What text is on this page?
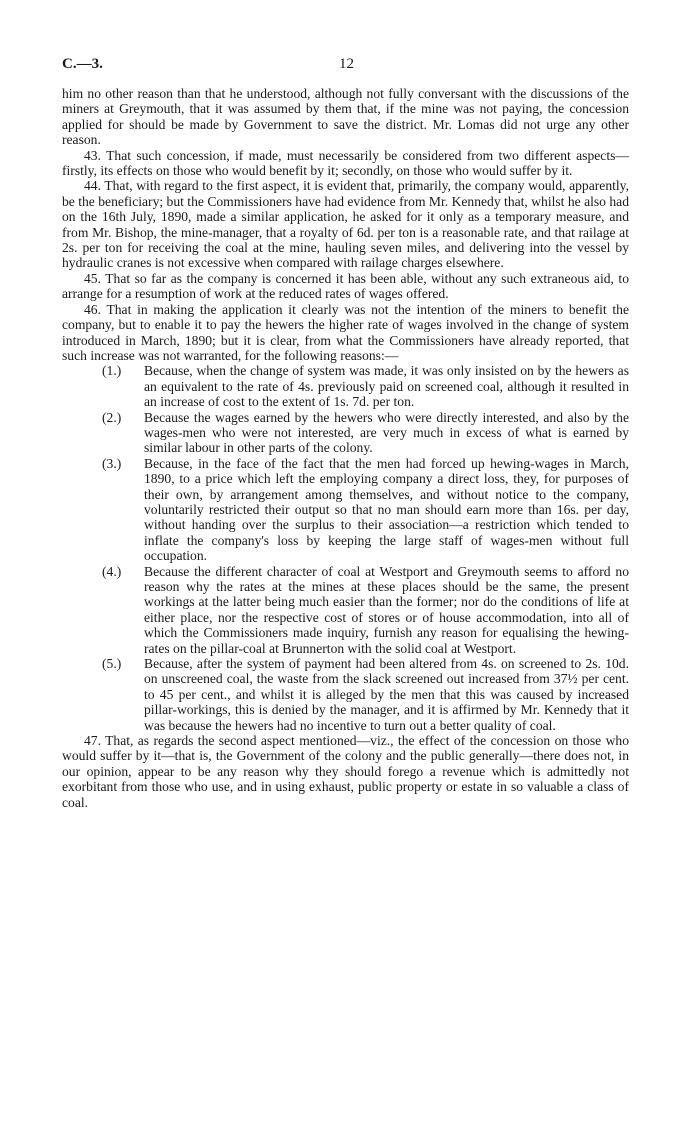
C.—3.	12

him no other reason than that he understood, although not fully conversant with the discussions of the miners at Greymouth, that it was assumed by them that, if the mine was not paying, the concession applied for should be made by Government to save the district. Mr. Lomas did not urge any other reason.

43. That such concession, if made, must necessarily be considered from two different aspects—firstly, its effects on those who would benefit by it; secondly, on those who would suffer by it.

44. That, with regard to the first aspect, it is evident that, primarily, the company would, apparently, be the beneficiary; but the Commissioners have had evidence from Mr. Kennedy that, whilst he also had on the 16th July, 1890, made a similar application, he asked for it only as a temporary measure, and from Mr. Bishop, the mine-manager, that a royalty of 6d. per ton is a reasonable rate, and that railage at 2s. per ton for receiving the coal at the mine, hauling seven miles, and delivering into the vessel by hydraulic cranes is not excessive when compared with railage charges elsewhere.

45. That so far as the company is concerned it has been able, without any such extraneous aid, to arrange for a resumption of work at the reduced rates of wages offered.

46. That in making the application it clearly was not the intention of the miners to benefit the company, but to enable it to pay the hewers the higher rate of wages involved in the change of system introduced in March, 1890; but it is clear, from what the Commissioners have already reported, that such increase was not warranted, for the following reasons:—

(1.) Because, when the change of system was made, it was only insisted on by the hewers as an equivalent to the rate of 4s. previously paid on screened coal, although it resulted in an increase of cost to the extent of 1s. 7d. per ton.
(2.) Because the wages earned by the hewers who were directly interested, and also by the wages-men who were not interested, are very much in excess of what is earned by similar labour in other parts of the colony.
(3.) Because, in the face of the fact that the men had forced up hewing-wages in March, 1890, to a price which left the employing company a direct loss, they, for purposes of their own, by arrangement among themselves, and without notice to the company, voluntarily restricted their output so that no man should earn more than 16s. per day, without handing over the surplus to their association—a restriction which tended to inflate the company's loss by keeping the large staff of wages-men without full occupation.
(4.) Because the different character of coal at Westport and Greymouth seems to afford no reason why the rates at the mines at these places should be the same, the present workings at the latter being much easier than the former; nor do the conditions of life at either place, nor the respective cost of stores or of house accommodation, into all of which the Commissioners made inquiry, furnish any reason for equalising the hewing-rates on the pillar-coal at Brunnerton with the solid coal at Westport.
(5.) Because, after the system of payment had been altered from 4s. on screened to 2s. 10d. on unscreened coal, the waste from the slack screened out increased from 37½ per cent. to 45 per cent., and whilst it is alleged by the men that this was caused by increased pillar-workings, this is denied by the manager, and it is affirmed by Mr. Kennedy that it was because the hewers had no incentive to turn out a better quality of coal.

47. That, as regards the second aspect mentioned—viz., the effect of the concession on those who would suffer by it—that is, the Government of the colony and the public generally—there does not, in our opinion, appear to be any reason why they should forego a revenue which is admittedly not exorbitant from those who use, and in using exhaust, public property or estate in so valuable a class of coal.
